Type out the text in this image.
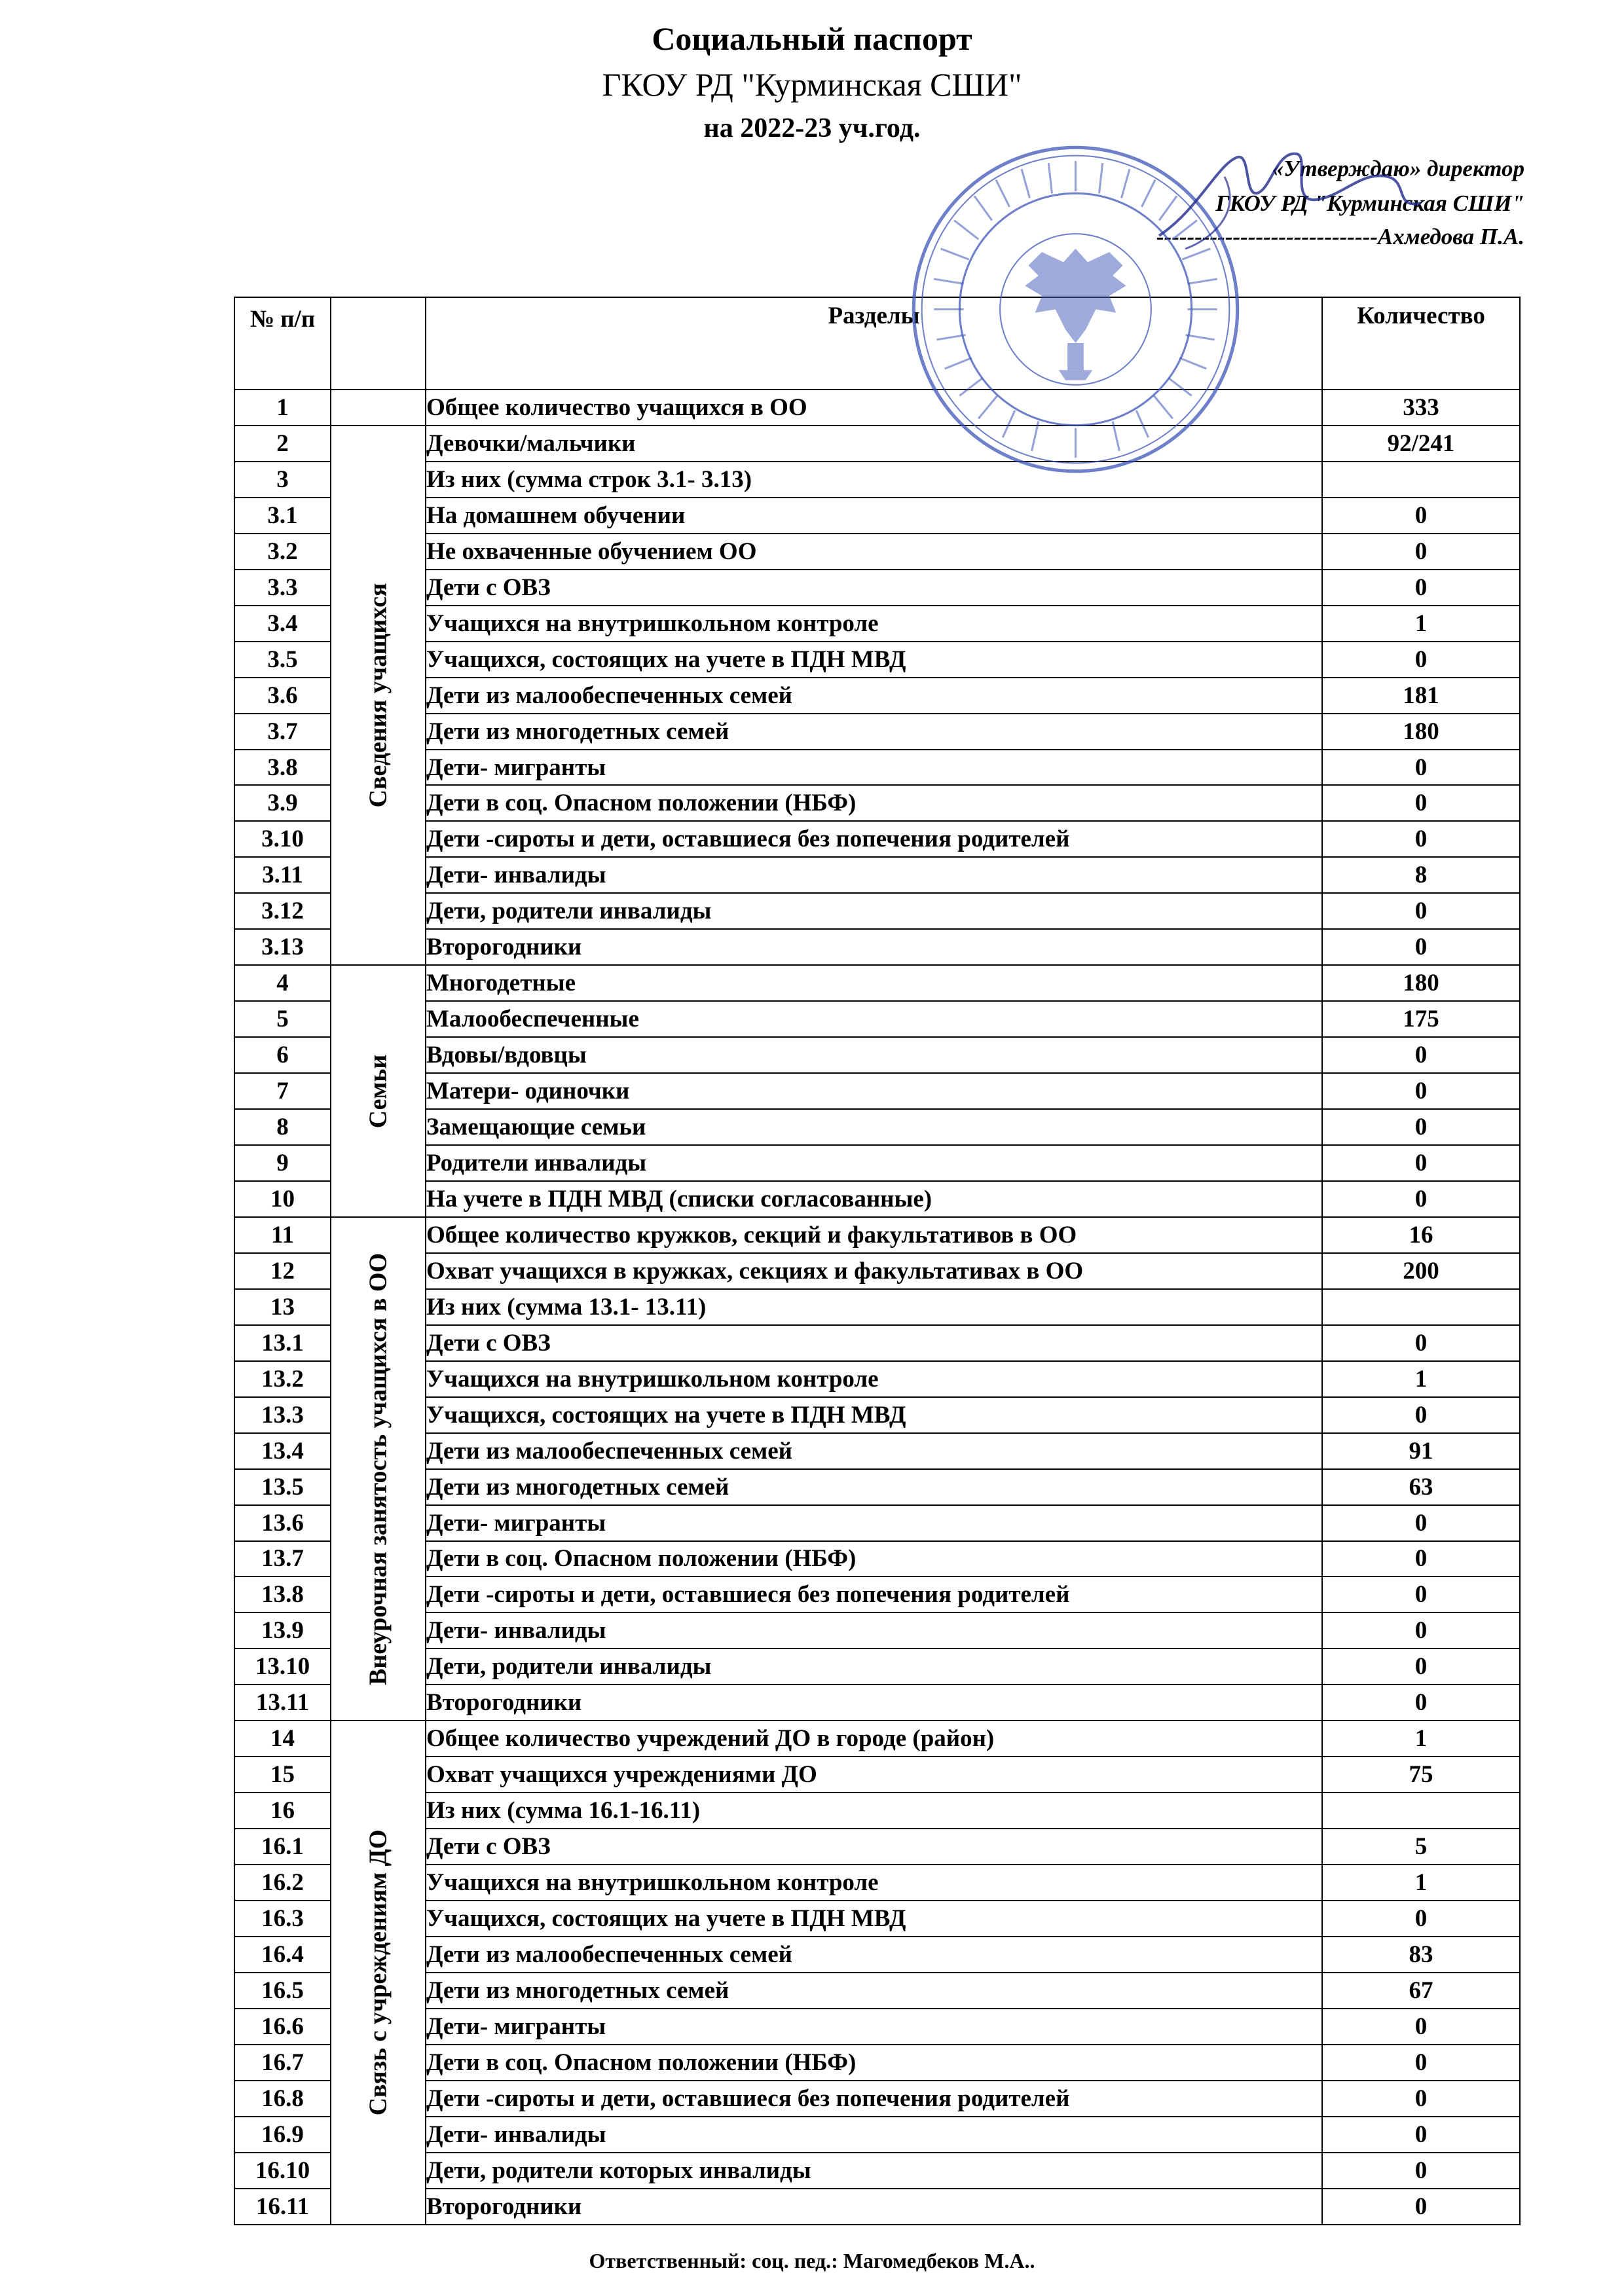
Социальный паспорт
ГКОУ РД "Курминская СШИ"
на 2022-23 уч.год.
«Утверждаю» директор
ГКОУ РД "Курминская СШИ"
-----------------------------Ахмедова П.А.
№ п/п		Разделы	Количество
1		Общее количество учащихся в ОО	333
2	Сведения учащихся	Девочки/мальчики	92/241
3		Из них (сумма строк 3.1- 3.13)	
3.1		На домашнем обучении	0
3.2		Не охваченные обучением ОО	0
3.3		Дети с ОВЗ	0
3.4		Учащихся на внутришкольном контроле	1
3.5		Учащихся, состоящих на учете в ПДН МВД	0
3.6		Дети из малообеспеченных семей	181
3.7		Дети из многодетных семей	180
3.8		Дети- мигранты	0
3.9		Дети в соц. Опасном положении (НБФ)	0
3.10		Дети -сироты и дети, оставшиеся без попечения родителей	0
3.11		Дети- инвалиды	8
3.12		Дети, родители инвалиды	0
3.13		Второгодники	0
4	Семьи	Многодетные	180
5		Малообеспеченные	175
6		Вдовы/вдовцы	0
7		Матери- одиночки	0
8		Замещающие семьи	0
9		Родители инвалиды	0
10		На учете в ПДН МВД (списки согласованные)	0
11	Внеурочная занятость учащихся в ОО	Общее количество кружков, секций и факультативов в ОО	16
12		Охват учащихся в кружках, секциях и факультативах в ОО	200
13		Из них (сумма 13.1- 13.11)	
13.1		Дети с ОВЗ	0
13.2		Учащихся на внутришкольном контроле	1
13.3		Учащихся, состоящих на учете в ПДН МВД	0
13.4		Дети из малообеспеченных семей	91
13.5		Дети из многодетных семей	63
13.6		Дети- мигранты	0
13.7		Дети в соц. Опасном положении (НБФ)	0
13.8		Дети -сироты и дети, оставшиеся без попечения родителей	0
13.9		Дети- инвалиды	0
13.10		Дети, родители инвалиды	0
13.11		Второгодники	0
14	Связь с учреждениям ДО	Общее количество учреждений ДО в городе (район)	1
15		Охват учащихся учреждениями ДО	75
16		Из них (сумма 16.1-16.11)	
16.1		Дети с ОВЗ	5
16.2		Учащихся на внутришкольном контроле	1
16.3		Учащихся, состоящих на учете в ПДН МВД	0
16.4		Дети из малообеспеченных семей	83
16.5		Дети из многодетных семей	67
16.6		Дети- мигранты	0
16.7		Дети в соц. Опасном положении (НБФ)	0
16.8		Дети -сироты и дети, оставшиеся без попечения родителей	0
16.9		Дети- инвалиды	0
16.10		Дети, родители которых инвалиды	0
16.11		Второгодники	0
Ответственный: соц. пед.: Магомедбеков М.А..
